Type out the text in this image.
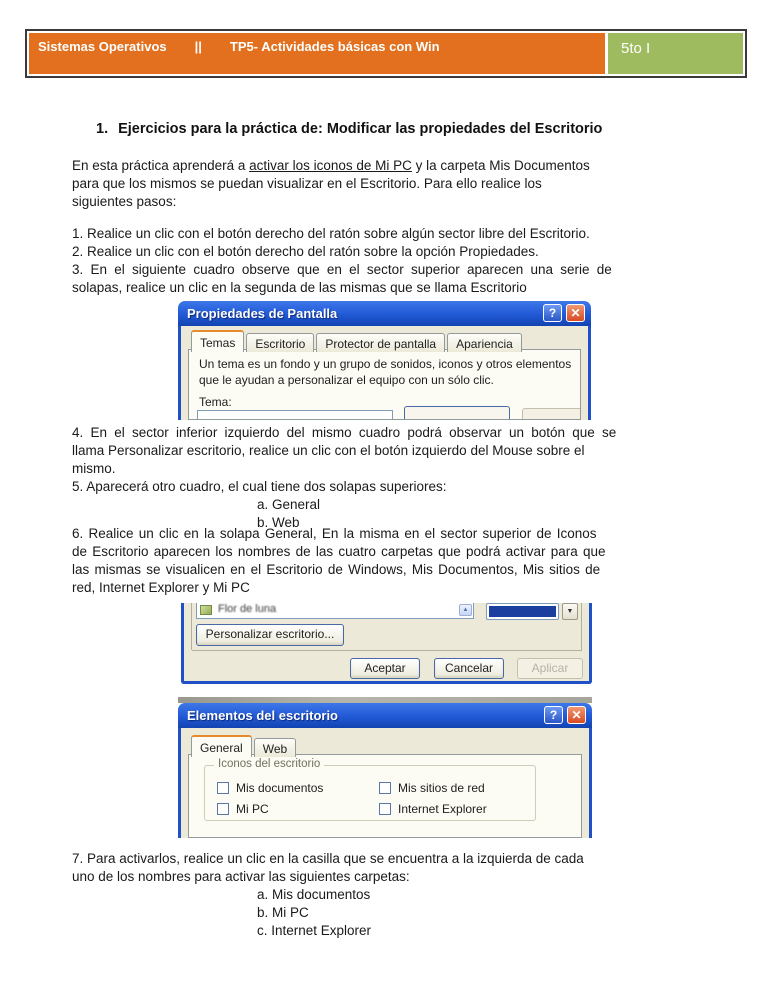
Sistemas Operativos || TP5- Actividades básicas con Win	5to I
1. Ejercicios para la práctica de: Modificar las propiedades del Escritorio
En esta práctica aprenderá a activar los iconos de Mi PC y la carpeta Mis Documentos
para que los mismos se puedan visualizar en el Escritorio. Para ello realice los
siguientes pasos:
1. Realice un clic con el botón derecho del ratón sobre algún sector libre del Escritorio.
2. Realice un clic con el botón derecho del ratón sobre la opción Propiedades.
3. En el siguiente cuadro observe que en el sector superior aparecen una serie de
solapas, realice un clic en la segunda de las mismas que se llama Escritorio
Propiedades de Pantalla	?	✕
Temas	Escritorio	Protector de pantalla	Apariencia
Un tema es un fondo y un grupo de sonidos, iconos y otros elementos
que le ayudan a personalizar el equipo con un sólo clic.
Tema:
4. En el sector inferior izquierdo del mismo cuadro podrá observar un botón que se
llama Personalizar escritorio, realice un clic con el botón izquierdo del Mouse sobre el
mismo.
5. Aparecerá otro cuadro, el cual tiene dos solapas superiores:
a. General
b. Web
6. Realice un clic en la solapa General, En la misma en el sector superior de Iconos
de Escritorio aparecen los nombres de las cuatro carpetas que podrá activar para que
las mismas se visualicen en el Escritorio de Windows, Mis Documentos, Mis sitios de
red, Internet Explorer y Mi PC
Flor de luna	▲	▼
Personalizar escritorio...
Aceptar	Cancelar	Aplicar
Elementos del escritorio	?	✕
General	Web
Iconos del escritorio
Mis documentos	Mis sitios de red
Mi PC	Internet Explorer
7. Para activarlos, realice un clic en la casilla que se encuentra a la izquierda de cada
uno de los nombres para activar las siguientes carpetas:
a. Mis documentos
b. Mi PC
c. Internet Explorer
